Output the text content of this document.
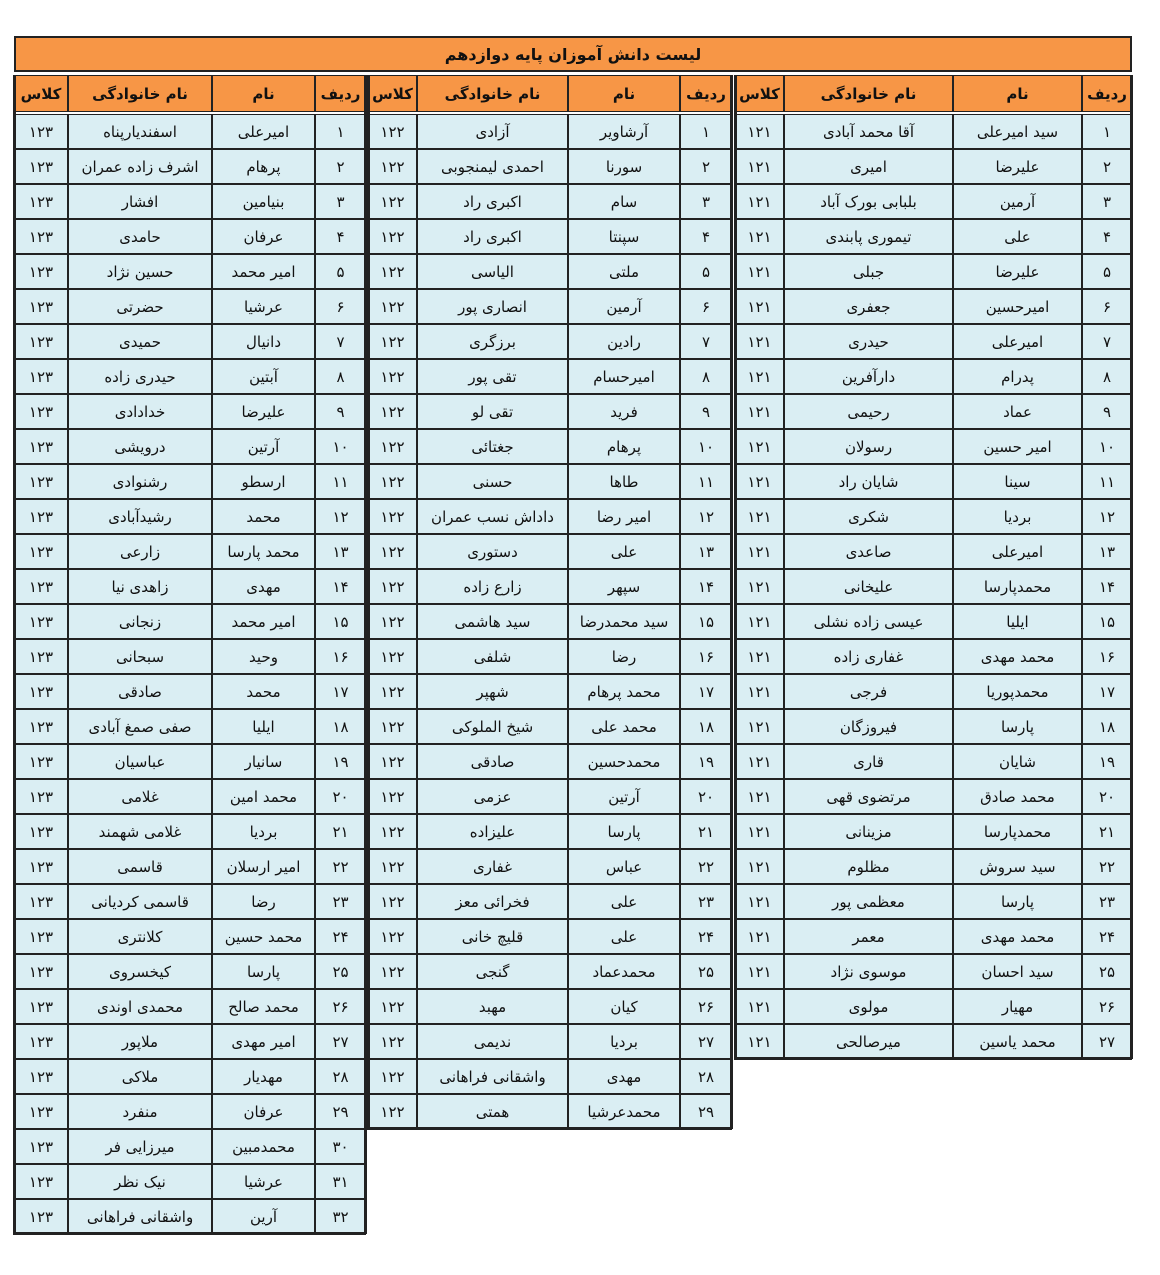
لیست دانش آموزان پایه دوازدهم
ردیف
نام
نام خانوادگی
کلاس
۱
سید امیرعلی
آقا محمد آبادی
۱۲۱
۲
علیرضا
امیری
۱۲۱
۳
آرمین
بلبابی بورک آباد
۱۲۱
۴
علی
تیموری پابندی
۱۲۱
۵
علیرضا
جبلی
۱۲۱
۶
امیرحسین
جعفری
۱۲۱
۷
امیرعلی
حیدری
۱۲۱
۸
پدرام
دارآفرین
۱۲۱
۹
عماد
رحیمی
۱۲۱
۱۰
امیر حسین
رسولان
۱۲۱
۱۱
سینا
شایان راد
۱۲۱
۱۲
بردیا
شکری
۱۲۱
۱۳
امیرعلی
صاعدی
۱۲۱
۱۴
محمدپارسا
علیخانی
۱۲۱
۱۵
ایلیا
عیسی زاده نشلی
۱۲۱
۱۶
محمد مهدی
غفاری زاده
۱۲۱
۱۷
محمدپوریا
فرجی
۱۲۱
۱۸
پارسا
فیروزگان
۱۲۱
۱۹
شایان
قاری
۱۲۱
۲۰
محمد صادق
مرتضوی قهی
۱۲۱
۲۱
محمدپارسا
مزینانی
۱۲۱
۲۲
سید سروش
مظلوم
۱۲۱
۲۳
پارسا
معظمی پور
۱۲۱
۲۴
محمد مهدی
معمر
۱۲۱
۲۵
سید احسان
موسوی نژاد
۱۲۱
۲۶
مهیار
مولوی
۱۲۱
۲۷
محمد یاسین
میرصالحی
۱۲۱
ردیف
نام
نام خانوادگی
کلاس
۱
آرشاویر
آزادی
۱۲۲
۲
سورنا
احمدی لیمنجوبی
۱۲۲
۳
سام
اکبری راد
۱۲۲
۴
سپنتا
اکبری راد
۱۲۲
۵
ملتی
الیاسی
۱۲۲
۶
آرمین
انصاری پور
۱۲۲
۷
رادین
برزگری
۱۲۲
۸
امیرحسام
تقی پور
۱۲۲
۹
فرید
تقی لو
۱۲۲
۱۰
پرهام
جغتائی
۱۲۲
۱۱
طاها
حسنی
۱۲۲
۱۲
امیر رضا
داداش نسب عمران
۱۲۲
۱۳
علی
دستوری
۱۲۲
۱۴
سپهر
زارع زاده
۱۲۲
۱۵
سید محمدرضا
سید هاشمی
۱۲۲
۱۶
رضا
شلفی
۱۲۲
۱۷
محمد پرهام
شهپر
۱۲۲
۱۸
محمد علی
شیخ الملوکی
۱۲۲
۱۹
محمدحسین
صادقی
۱۲۲
۲۰
آرتین
عزمی
۱۲۲
۲۱
پارسا
علیزاده
۱۲۲
۲۲
عباس
غفاری
۱۲۲
۲۳
علی
فخرائی معز
۱۲۲
۲۴
علی
قلیچ خانی
۱۲۲
۲۵
محمدعماد
گنجی
۱۲۲
۲۶
کیان
مهبد
۱۲۲
۲۷
بردیا
ندیمی
۱۲۲
۲۸
مهدی
واشقانی فراهانی
۱۲۲
۲۹
محمدعرشیا
همتی
۱۲۲
ردیف
نام
نام خانوادگی
کلاس
۱
امیرعلی
اسفندیارپناه
۱۲۳
۲
پرهام
اشرف زاده عمران
۱۲۳
۳
بنیامین
افشار
۱۲۳
۴
عرفان
حامدی
۱۲۳
۵
امیر محمد
حسین نژاد
۱۲۳
۶
عرشیا
حضرتی
۱۲۳
۷
دانیال
حمیدی
۱۲۳
۸
آبتین
حیدری زاده
۱۲۳
۹
علیرضا
خدادادی
۱۲۳
۱۰
آرتین
درویشی
۱۲۳
۱۱
ارسطو
رشنوادی
۱۲۳
۱۲
محمد
رشیدآبادی
۱۲۳
۱۳
محمد پارسا
زارعی
۱۲۳
۱۴
مهدی
زاهدی نیا
۱۲۳
۱۵
امیر محمد
زنجانی
۱۲۳
۱۶
وحید
سبحانی
۱۲۳
۱۷
محمد
صادقی
۱۲۳
۱۸
ایلیا
صفی صمغ آبادی
۱۲۳
۱۹
سانیار
عباسیان
۱۲۳
۲۰
محمد امین
غلامی
۱۲۳
۲۱
بردیا
غلامی شهمند
۱۲۳
۲۲
امیر ارسلان
قاسمی
۱۲۳
۲۳
رضا
قاسمی کردیانی
۱۲۳
۲۴
محمد حسین
کلانتری
۱۲۳
۲۵
پارسا
کیخسروی
۱۲۳
۲۶
محمد صالح
محمدی اوندی
۱۲۳
۲۷
امیر مهدی
ملاپور
۱۲۳
۲۸
مهدیار
ملاکی
۱۲۳
۲۹
عرفان
منفرد
۱۲۳
۳۰
محمدمبین
میرزایی فر
۱۲۳
۳۱
عرشیا
نیک نظر
۱۲۳
۳۲
آرین
واشقانی فراهانی
۱۲۳
